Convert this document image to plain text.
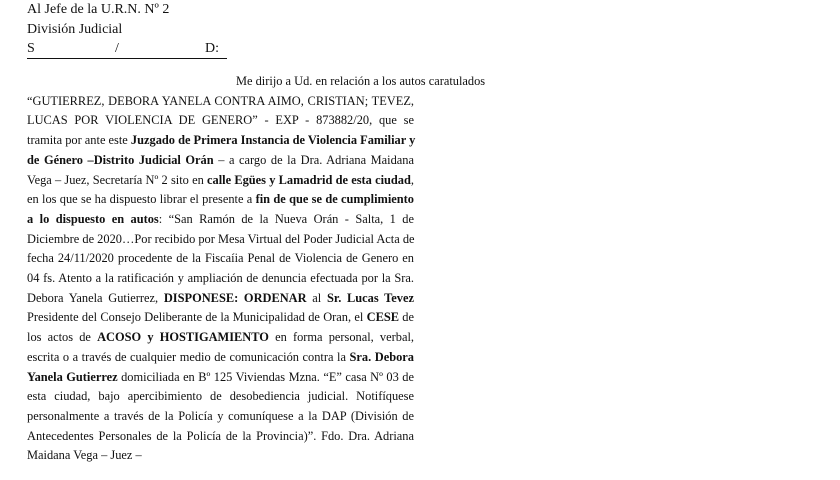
Al Jefe de la U.R.N. Nº 2
División Judicial
S	/	D:
Me dirijo a Ud. en relación a los autos caratulados
“GUTIERREZ, DEBORA YANELA CONTRA AIMO, CRISTIAN; TEVEZ,
LUCAS POR VIOLENCIA DE GENERO” - EXP - 873882/20, que se
tramita por ante este Juzgado de Primera Instancia de Violencia Familiar y
de Género –Distrito Judicial Orán – a cargo de la Dra. Adriana Maidana
Vega – Juez, Secretaría Nº 2 sito en calle Egües y Lamadrid de esta ciudad,
en los que se ha dispuesto librar el presente a fin de que se de cumplimiento
a lo dispuesto en autos: “San Ramón de la Nueva Orán - Salta, 1 de
Diciembre de 2020…Por recibido por Mesa Virtual del Poder Judicial Acta de
fecha 24/11/2020 procedente de la Fiscaíia Penal de Violencia de Genero en
04 fs. Atento a la ratificación y ampliación de denuncia efectuada por la Sra.
Debora Yanela Gutierrez, DISPONESE: ORDENAR al Sr. Lucas Tevez
Presidente del Consejo Deliberante de la Municipalidad de Oran, el CESE de
los actos de ACOSO y HOSTIGAMIENTO en forma personal, verbal,
escrita o a través de cualquier medio de comunicación contra la Sra. Debora
Yanela Gutierrez domiciliada en Bº 125 Viviendas Mzna. “E” casa Nº 03 de
esta ciudad, bajo apercibimiento de desobediencia judicial. Notifíquese
personalmente a través de la Policía y comuníquese a la DAP (División de
Antecedentes Personales de la Policía de la Provincia)”. Fdo. Dra. Adriana
Maidana Vega – Juez –
